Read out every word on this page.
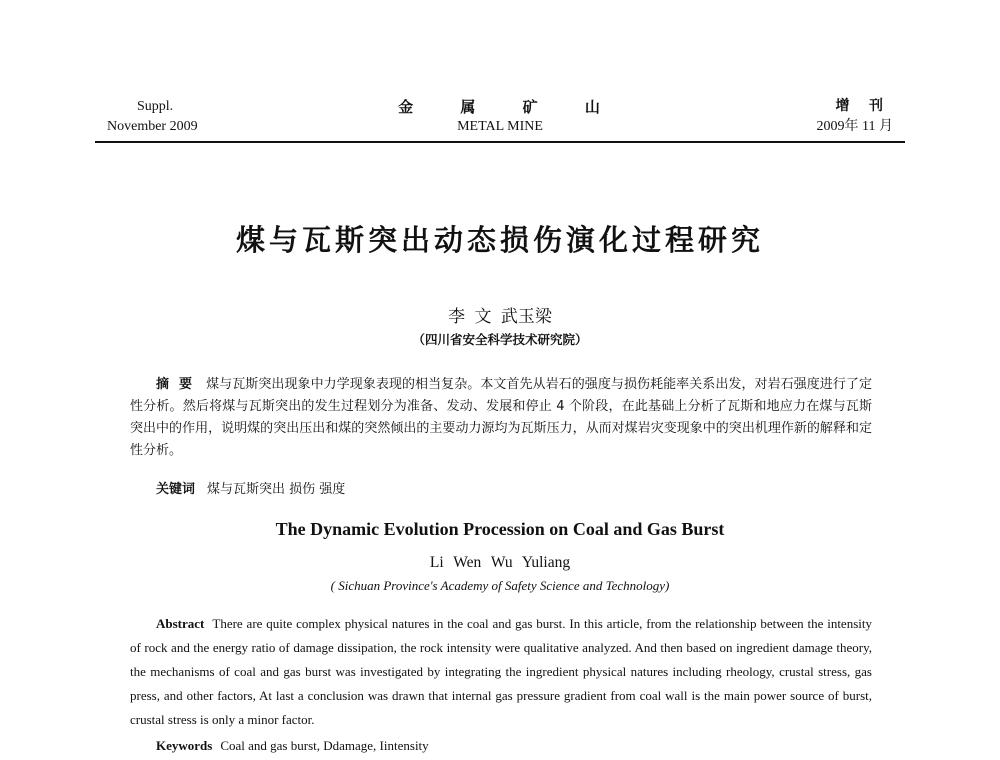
Suppl.
November 2009
金 属 矿 山
METAL MINE
增 刊
2009年 11 月
煤与瓦斯突出动态损伤演化过程研究
李 文 武玉梁
（四川省安全科学技术研究院）
摘要 煤与瓦斯突出现象中力学现象表现的相当复杂。本文首先从岩石的强度与损伤耗能率关系出发，对岩石强度进行了定性分析。然后将煤与瓦斯突出的发生过程划分为准备、发动、发展和停止 4 个阶段，在此基础上分析了瓦斯和地应力在煤与瓦斯突出中的作用，说明煤的突出压出和煤的突然倾出的主要动力源均为瓦斯压力，从而对煤岩灾变现象中的突出机理作新的解释和定性分析。
关键词 煤与瓦斯突出 损伤 强度
The Dynamic Evolution Procession on Coal and Gas Burst
Li Wen Wu Yuliang
( Sichuan Province's Academy of Safety Science and Technology)
Abstract There are quite complex physical natures in the coal and gas burst. In this article, from the relationship between the intensity of rock and the energy ratio of damage dissipation, the rock intensity were qualitative analyzed. And then based on ingredient damage theory, the mechanisms of coal and gas burst was investigated by integrating the ingredient physical natures including rheology, crustal stress, gas press, and other factors, At last a conclusion was drawn that internal gas pressure gradient from coal wall is the main power source of burst, crustal stress is only a minor factor.
Keywords Coal and gas burst, Ddamage, Iintensity
